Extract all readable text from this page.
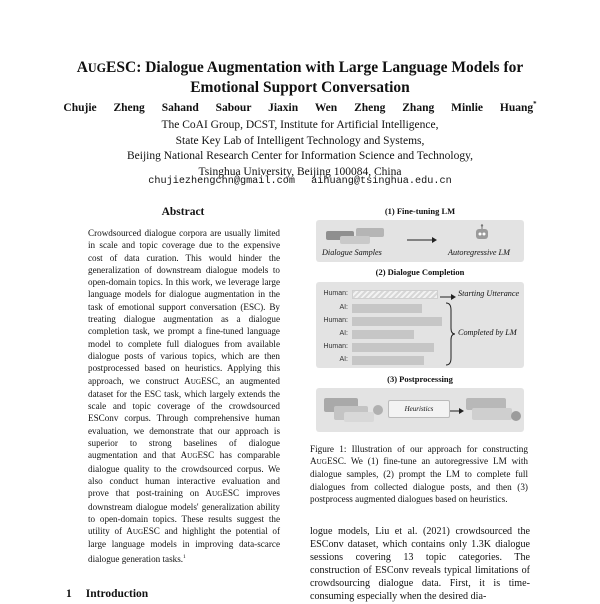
AUGESC: Dialogue Augmentation with Large Language Models for
Emotional Support Conversation
Chujie Zheng Sahand Sabour Jiaxin Wen Zheng Zhang Minlie Huang*
The CoAI Group, DCST, Institute for Artificial Intelligence,
State Key Lab of Intelligent Technology and Systems,
Beijing National Research Center for Information Science and Technology,
Tsinghua University, Beijing 100084, China
chujiezhengchn@gmail.com aihuang@tsinghua.edu.cn
Abstract
Crowdsourced dialogue corpora are usually limited in scale and topic coverage due to the expensive cost of data curation. This would hinder the generalization of downstream dialogue models to open-domain topics. In this work, we leverage large language models for dialogue augmentation in the task of emotional support conversation (ESC). By treating dialogue augmentation as a dialogue completion task, we prompt a fine-tuned language model to complete full dialogues from available dialogue posts of various topics, which are then postprocessed based on heuristics. Applying this approach, we construct AUGESC, an augmented dataset for the ESC task, which largely extends the scale and topic coverage of the crowdsourced ESConv corpus. Through comprehensive human evaluation, we demonstrate that our approach is superior to strong baselines of dialogue augmentation and that AUGESC has comparable dialogue quality to the crowdsourced corpus. We also conduct human interactive evaluation and prove that post-training on AUGESC improves downstream dialogue models' generalization ability to open-domain topics. These results suggest the utility of AUGESC and highlight the potential of large language models in improving data-scarce dialogue generation tasks.$^1$
1 Introduction
(1) Fine-tuning LM
Dialogue Samples	Autoregressive LM
(2) Dialogue Completion
Human:	Starting Utterance
AI:
Human:
AI:
Human:
AI:
Completed by LM
(3) Postprocessing
Heuristics
Figure 1: Illustration of our approach for constructing AUGESC. We (1) fine-tune an autoregressive LM with dialogue samples, (2) prompt the LM to complete full dialogues from collected dialogue posts, and then (3) postprocess augmented dialogues based on heuristics.
logue models, Liu et al. (2021) crowdsourced the ESConv dataset, which contains only 1.3K dialogue sessions covering 13 topic categories. The construction of ESConv reveals typical limitations of crowdsourcing dialogue data. First, it is time-consuming especially when the desired dia-
